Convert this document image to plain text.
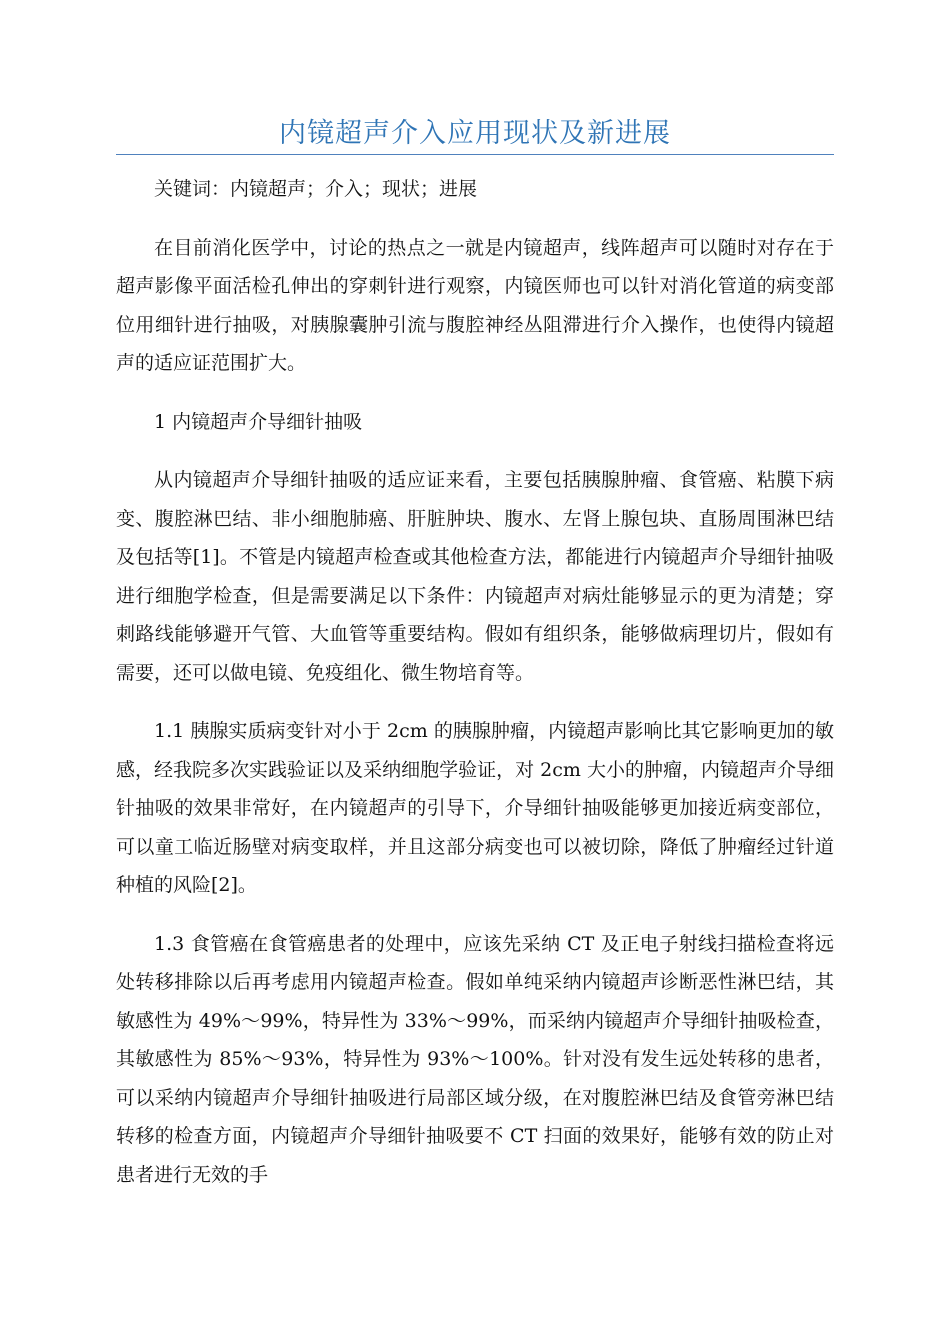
内镜超声介入应用现状及新进展

关键词：内镜超声；介入；现状；进展

在目前消化医学中，讨论的热点之一就是内镜超声，线阵超声可以随时对存在于超声影像平面活检孔伸出的穿刺针进行观察，内镜医师也可以针对消化管道的病变部位用细针进行抽吸，对胰腺囊肿引流与腹腔神经丛阻滞进行介入操作，也使得内镜超声的适应证范围扩大。

1 内镜超声介导细针抽吸

从内镜超声介导细针抽吸的适应证来看，主要包括胰腺肿瘤、食管癌、粘膜下病变、腹腔淋巴结、非小细胞肺癌、肝脏肿块、腹水、左肾上腺包块、直肠周围淋巴结及包括等[1]。不管是内镜超声检查或其他检查方法，都能进行内镜超声介导细针抽吸进行细胞学检查，但是需要满足以下条件：内镜超声对病灶能够显示的更为清楚；穿刺路线能够避开气管、大血管等重要结构。假如有组织条，能够做病理切片，假如有需要，还可以做电镜、免疫组化、微生物培育等。

1.1 胰腺实质病变针对小于 2cm 的胰腺肿瘤，内镜超声影响比其它影响更加的敏感，经我院多次实践验证以及采纳细胞学验证，对 2cm 大小的肿瘤，内镜超声介导细针抽吸的效果非常好，在内镜超声的引导下，介导细针抽吸能够更加接近病变部位，可以童工临近肠壁对病变取样，并且这部分病变也可以被切除，降低了肿瘤经过针道种植的风险[2]。

1.3 食管癌在食管癌患者的处理中，应该先采纳 CT 及正电子射线扫描检查将远处转移排除以后再考虑用内镜超声检查。假如单纯采纳内镜超声诊断恶性淋巴结，其敏感性为 49%～99%，特异性为 33%～99%，而采纳内镜超声介导细针抽吸检查，其敏感性为 85%～93%，特异性为 93%～100%。针对没有发生远处转移的患者，可以采纳内镜超声介导细针抽吸进行局部区域分级，在对腹腔淋巴结及食管旁淋巴结转移的检查方面，内镜超声介导细针抽吸要不 CT 扫面的效果好，能够有效的防止对患者进行无效的手
